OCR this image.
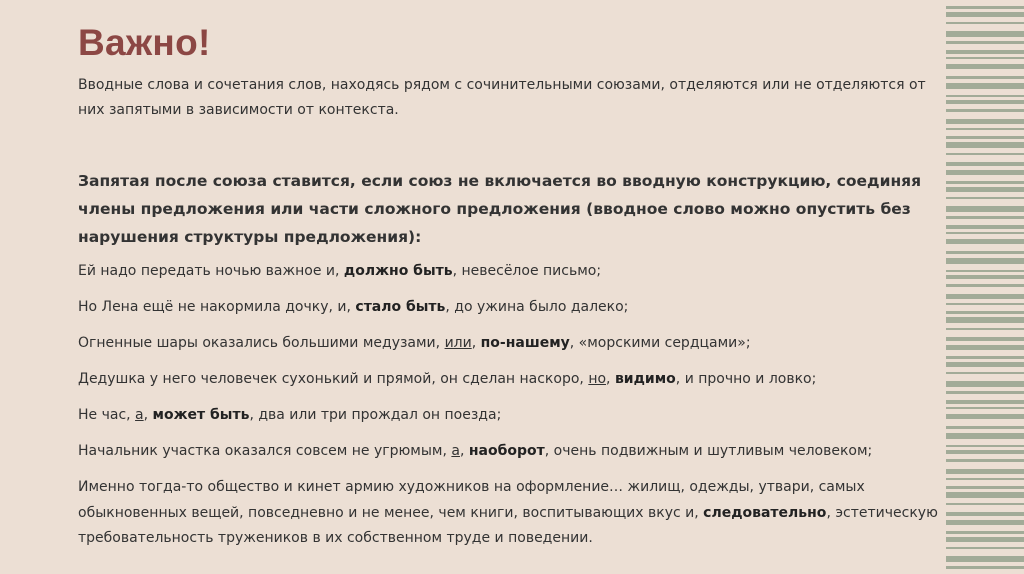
Важно!
Вводные слова и сочетания слов, находясь рядом с сочинительными союзами, отделяются или не отделяются от них запятыми в зависимости от контекста.
Запятая после союза ставится, если союз не включается во вводную конструкцию, соединяя члены предложения или части сложного предложения (вводное слово можно опустить без нарушения структуры предложения):
Ей надо передать ночью важное и, должно быть, невесёлое письмо;
Но Лена ещё не накормила дочку, и, стало быть, до ужина было далеко;
Огненные шары оказались большими медузами, или, по-нашему, «морскими сердцами»;
Дедушка у него человечек сухонький и прямой, он сделан наскоро, но, видимо, и прочно и ловко;
Не час, а, может быть, два или три прождал он поезда;
Начальник участка оказался совсем не угрюмым, а, наоборот, очень подвижным и шутливым человеком;
Именно тогда-то общество и кинет армию художников на оформление… жилищ, одежды, утвари, самых обыкновенных вещей, повседневно и не менее, чем книги, воспитывающих вкус и, следовательно, эстетическую требовательность тружеников в их собственном труде и поведении.
